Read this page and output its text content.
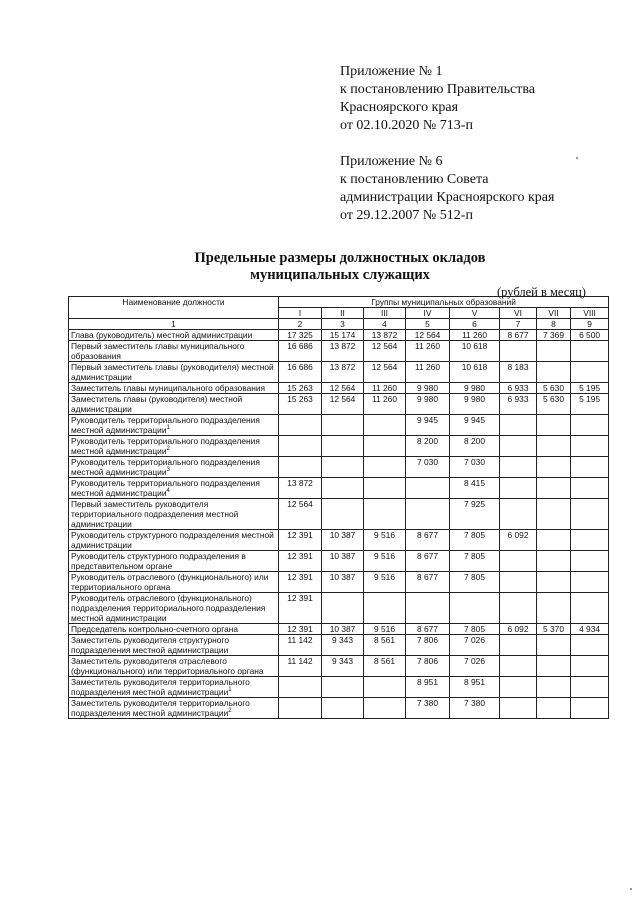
Приложение № 1
к постановлению Правительства
Красноярского края
от 02.10.2020 № 713-п
Приложение № 6
к постановлению Совета
администрации Красноярского края
от 29.12.2007 № 512-п
Предельные размеры должностных окладов
муниципальных служащих
(рублей в месяц)
Наименование должности	Группы муниципальных образований							
	I	II	III	IV	V	VI	VII	VIII
1	2	3	4	5	6	7	8	9
Глава (руководитель) местной администрации	17 325	15 174	13 872	12 564	11 260	8 677	7 369	6 500
Первый заместитель главы муниципального образования	16 686	13 872	12 564	11 260	10 618			
Первый заместитель главы (руководителя) местной администрации	16 686	13 872	12 564	11 260	10 618	8 183		
Заместитель главы муниципального образования	15 263	12 564	11 260	9 980	9 980	6 933	5 630	5 195
Заместитель главы (руководителя) местной администрации	15 263	12 564	11 260	9 980	9 980	6 933	5 630	5 195
Руководитель территориального подразделения местной администрации$^1$				9 945	9 945			
Руководитель территориального подразделения местной администрации$^2$				8 200	8 200			
Руководитель территориального подразделения местной администрации$^3$				7 030	7 030			
Руководитель территориального подразделения местной администрации$^4$	13 872				8 415			
Первый заместитель руководителя территориального подразделения местной администрации	12 564				7 925			
Руководитель структурного подразделения местной администрации	12 391	10 387	9 516	8 677	7 805	6 092		
Руководитель структурного подразделения в представительном органе	12 391	10 387	9 516	8 677	7 805			
Руководитель отраслевого (функционального) или территориального органа	12 391	10 387	9 516	8 677	7 805			
Руководитель отраслевого (функционального) подразделения территориального подразделения местной администрации	12 391							
Председатель контрольно-счетного органа	12 391	10 387	9 516	8 677	7 805	6 092	5 370	4 934
Заместитель руководителя структурного подразделения местной администрации	11 142	9 343	8 561	7 806	7 026			
Заместитель руководителя отраслевого (функционального) или территориального органа	11 142	9 343	8 561	7 806	7 026			
Заместитель руководителя территориального подразделения местной администрации$^1$				8 951	8 951			
Заместитель руководителя территориального подразделения местной администрации$^2$				7 380	7 380			
